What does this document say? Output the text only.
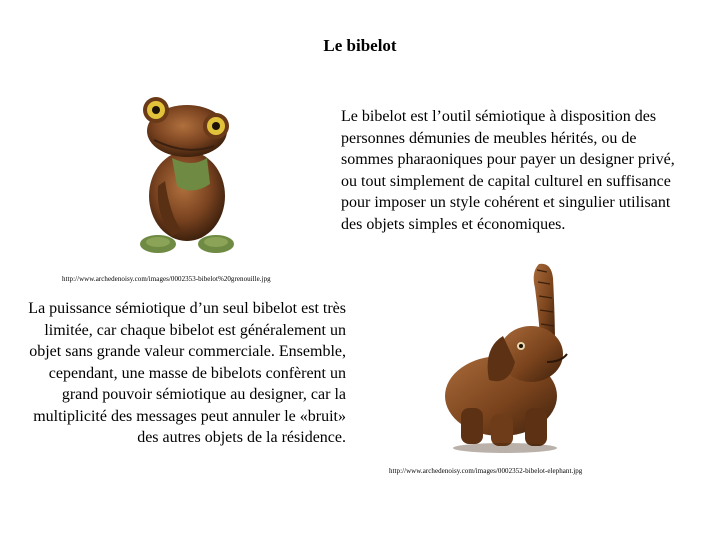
Le bibelot
Le bibelot est l’outil sémiotique à disposition des personnes démunies de meubles hérités, ou de sommes pharaoniques pour payer un designer privé, ou tout simplement de capital culturel en suffisance pour imposer un style cohérent et singulier utilisant des objets simples et économiques.
http://www.archedenoisy.com/images/0002353-bibelot%20grenouille.jpg
La puissance sémiotique d’un seul bibelot est très limitée, car chaque bibelot est généralement un objet sans grande valeur commerciale. Ensemble, cependant, une masse de bibelots confèrent un grand pouvoir sémiotique au designer, car la multiplicité des messages peut annuler le «bruit» des autres objets de la résidence.
http://www.archedenoisy.com/images/0002352-bibelot-elephant.jpg
